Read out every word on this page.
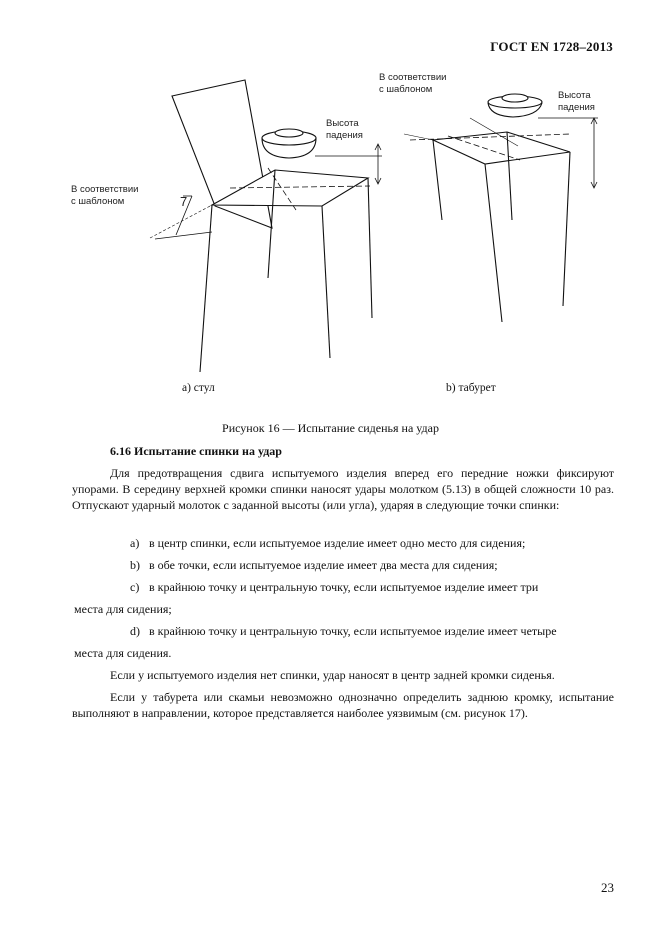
ГОСТ EN 1728–2013
В соответствии
с шаблоном
Высота
падения
7
В соответствии
с шаблоном
Высота
падения
a) стул	b) табурет
Рисунок 16 — Испытание сиденья на удар
6.16 Испытание спинки на удар
Для предотвращения сдвига испытуемого изделия вперед его передние ножки фиксируют упорами. В середину верхней кромки спинки наносят удары молотком (5.13) в общей сложности 10 раз. Отпускают ударный молоток с заданной высоты (или угла), ударяя в следующие точки спинки:
a) в центр спинки, если испытуемое изделие имеет одно место для сидения;
b) в обе точки, если испытуемое изделие имеет два места для сидения;
c) в крайнюю точку и центральную точку, если испытуемое изделие имеет три
места для сидения;
d) в крайнюю точку и центральную точку, если испытуемое изделие имеет четыре
места для сидения.
Если у испытуемого изделия нет спинки, удар наносят в центр задней кромки сиденья.
Если у табурета или скамьи невозможно однозначно определить заднюю кромку, испытание выполняют в направлении, которое представляется наиболее уязвимым (см. рисунок 17).
23
